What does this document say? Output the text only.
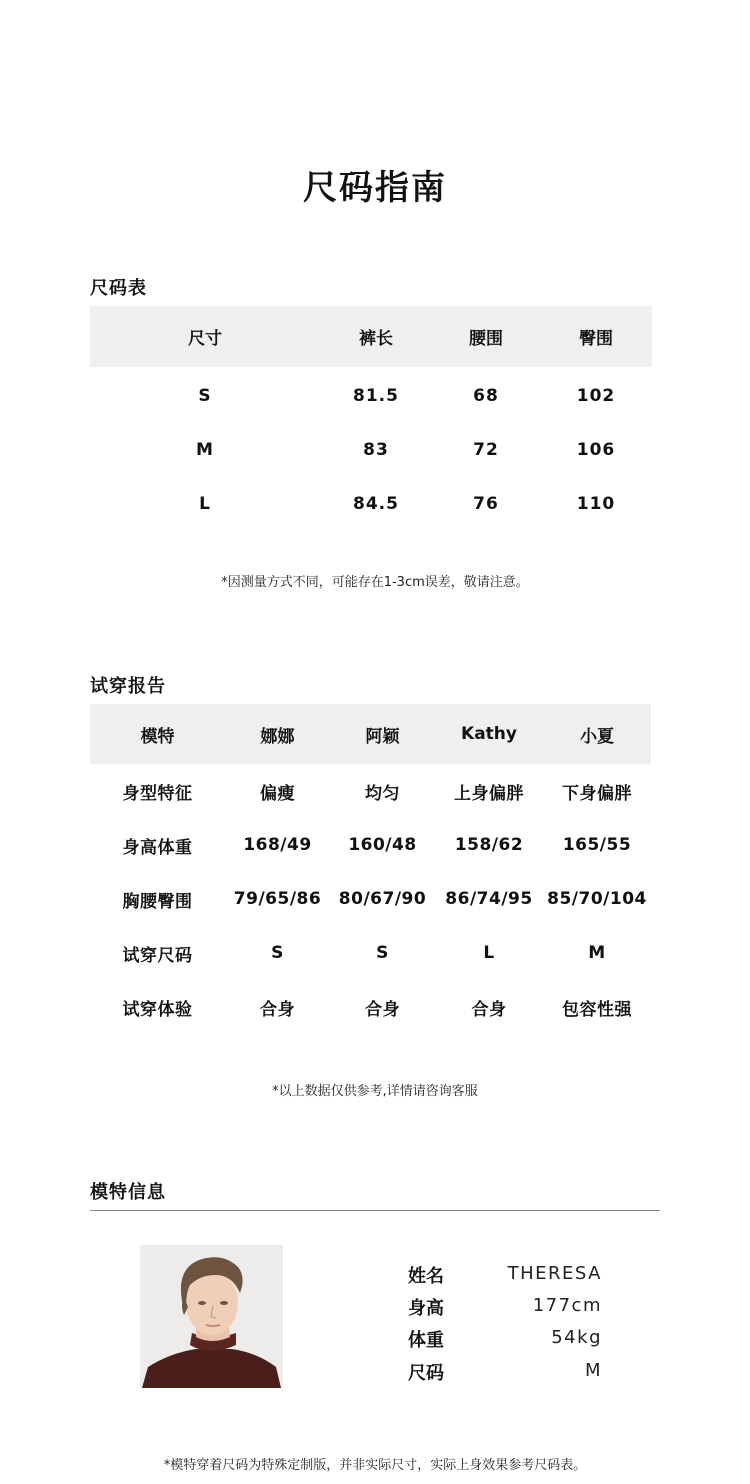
尺码指南
尺码表
*因测量方式不同，可能存在1-3cm误差，敬请注意。
试穿报告
模特	娜娜	阿颖	Kathy	小夏
身型特征	偏瘦	均匀	上身偏胖	下身偏胖
身高体重	168/49	160/48	158/62	165/55
胸腰臀围	79/65/86	80/67/90	86/74/95	85/70/104
试穿尺码	S	S	L	M
试穿体验	合身	合身	合身	包容性强
*以上数据仅供参考,详情请咨询客服
模特信息
姓名	THERESA
身高	177cm
体重	54kg
尺码	M
*模特穿着尺码为特殊定制版，并非实际尺寸，实际上身效果参考尺码表。
尺寸	裤长	腰围	臀围
S	81.5	68	102
M	83	72	106
L	84.5	76	110
